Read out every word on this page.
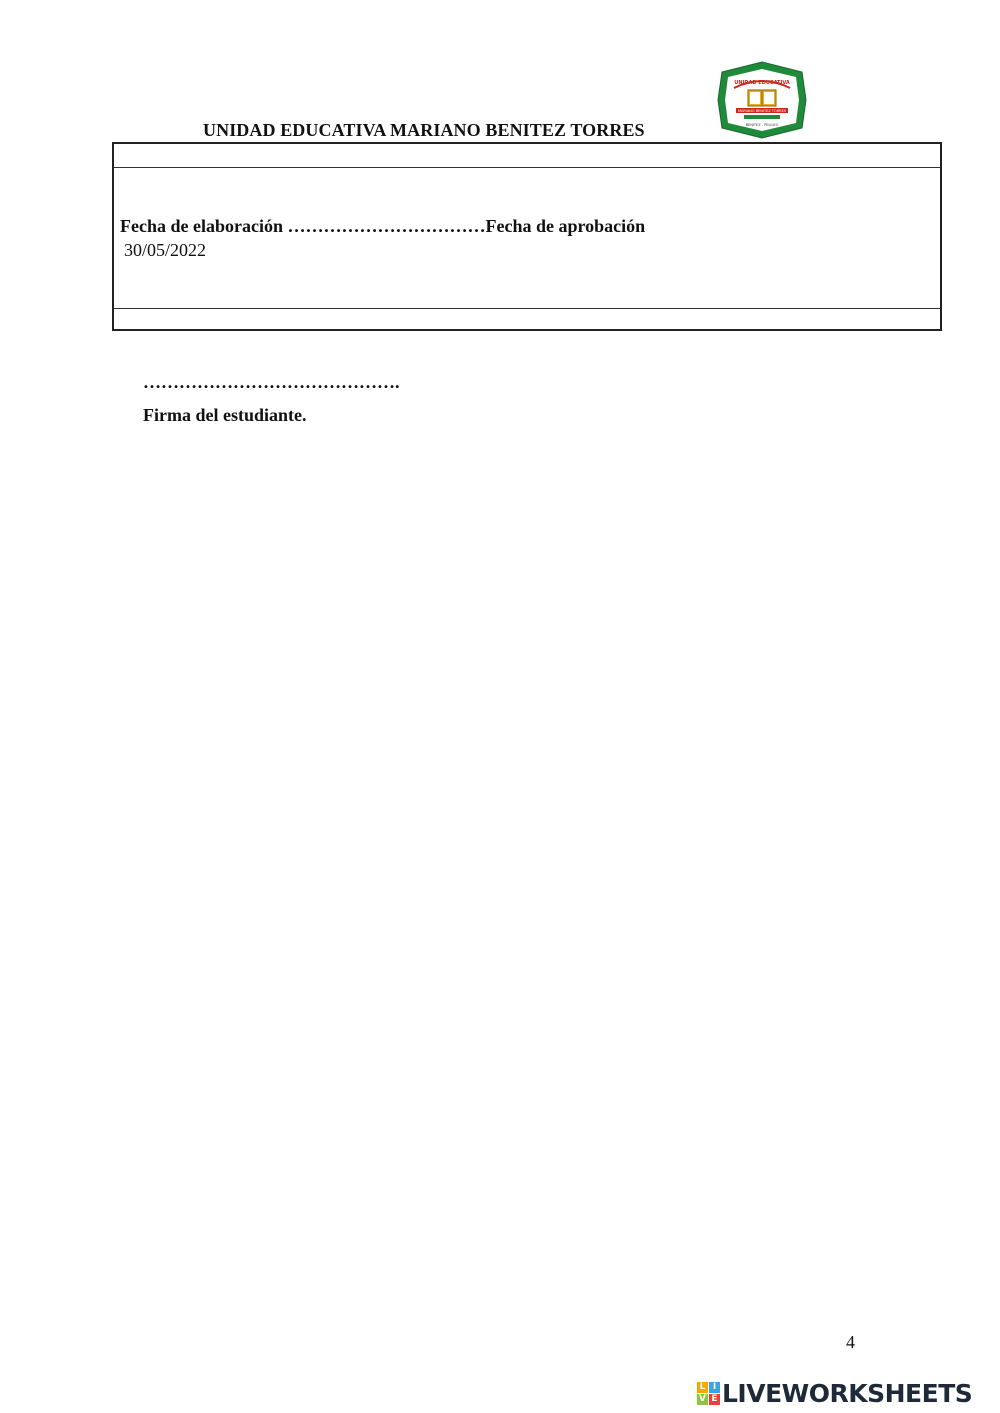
UNIDAD EDUCATIVA MARIANO BENITEZ TORRES
UNIDAD EDUCATIVA
MARIANO BENITEZ TORRES
BENITEZ - PELILEO
Fecha de elaboración ……………………………Fecha de aprobación
30/05/2022
…………………………………….
Firma del estudiante.
4
L I
V E LIVEWORKSHEETS
